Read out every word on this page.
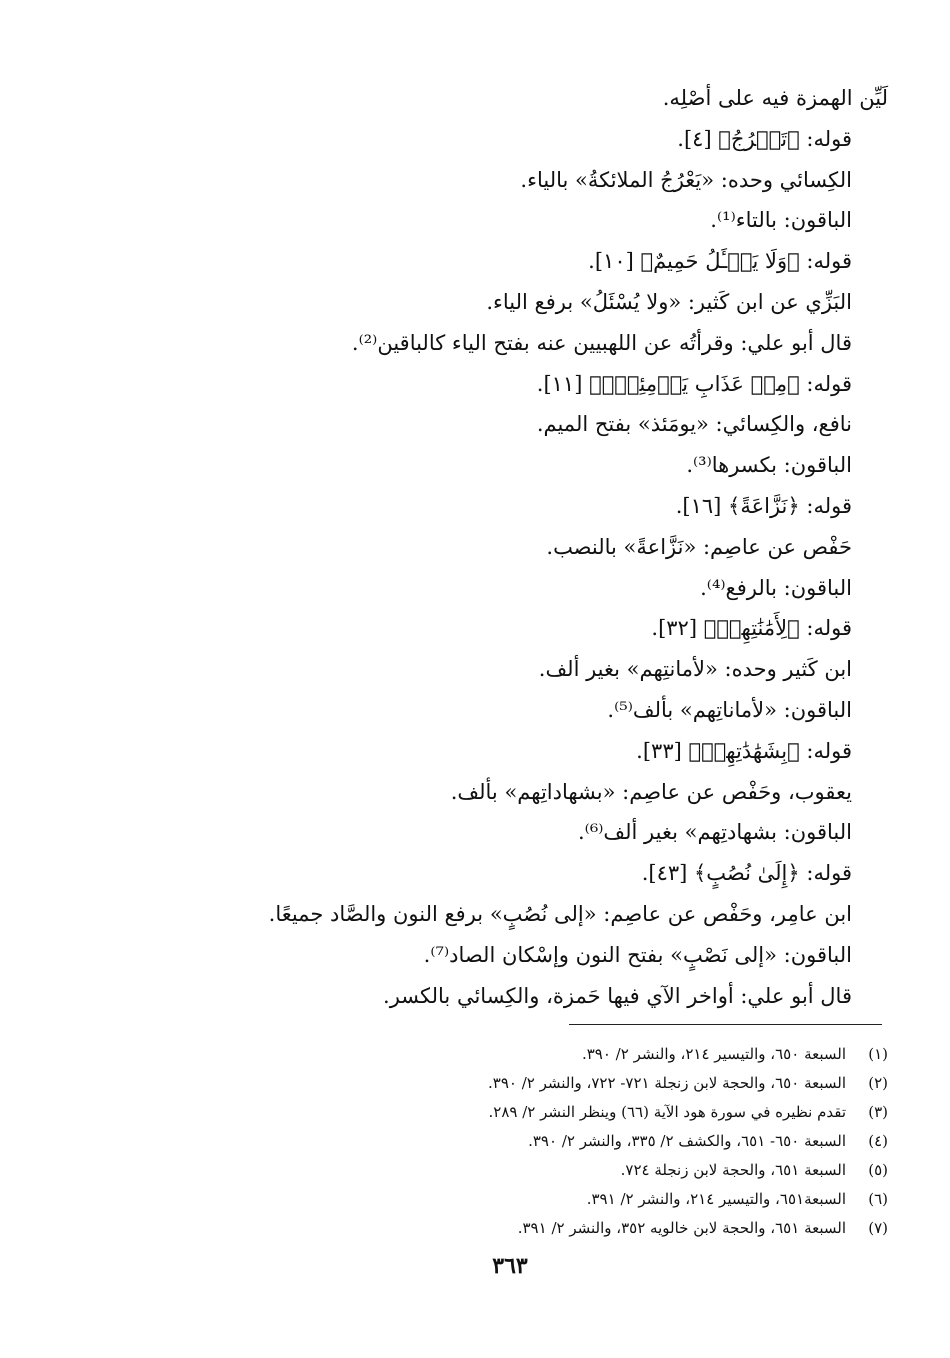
لَيِّن الهمزة فيه على أصْلِه.
قوله: ﴿تَعۡرُجُ﴾ [٤].
الكِسائي وحده: «يَعْرُجُ الملائكةُ» بالياء.
الباقون: بالتاء⁽¹⁾.
قوله: ﴿وَلَا يَسۡـَٔلُ حَمِيمٌ﴾ [١٠].
البَزِّي عن ابن كَثير: «ولا يُسْئَلُ» برفع الياء.
قال أبو علي: وقرأتُه عن اللهبيين عنه بفتح الياء كالباقين⁽²⁾.
قوله: ﴿مِنۡ عَذَابِ يَوۡمِئِذِۭ﴾ [١١].
نافع، والكِسائي: «يومَئذ» بفتح الميم.
الباقون: بكسرها⁽³⁾.
قوله: ﴿نَزَّاعَةً﴾ [١٦].
حَفْص عن عاصِم: «نَزَّاعةً» بالنصب.
الباقون: بالرفع⁽⁴⁾.
قوله: ﴿لِأَمَٰنَٰتِهِمۡ﴾ [٣٢].
ابن كَثير وحده: «لأمانتِهم» بغير ألف.
الباقون: «لأماناتِهم» بألف⁽⁵⁾.
قوله: ﴿بِشَهَٰدَٰتِهِمۡ﴾ [٣٣].
يعقوب، وحَفْص عن عاصِم: «بشهاداتِهم» بألف.
الباقون: بشهادتِهم» بغير ألف⁽⁶⁾.
قوله: ﴿إِلَىٰ نُصُبٍ﴾ [٤٣].
ابن عامِر، وحَفْص عن عاصِم: «إلى نُصُبٍ» برفع النون والصَّاد جميعًا.
الباقون: «إلى نَصْبٍ» بفتح النون وإسْكان الصاد⁽⁷⁾.
قال أبو علي: أواخر الآي فيها حَمزة، والكِسائي بالكسر.
(١)
السبعة ٦٥٠، والتيسير ٢١٤، والنشر ٢/ ٣٩٠.
(٢)
السبعة ٦٥٠، والحجة لابن زنجلة ٧٢١- ٧٢٢، والنشر ٢/ ٣٩٠.
(٣)
تقدم نظيره في سورة هود الآية (٦٦) وينظر النشر ٢/ ٢٨٩.
(٤)
السبعة ٦٥٠- ٦٥١، والكشف ٢/ ٣٣٥، والنشر ٢/ ٣٩٠.
(٥)
السبعة ٦٥١، والحجة لابن زنجلة ٧٢٤.
(٦)
السبعة٦٥١، والتيسير ٢١٤، والنشر ٢/ ٣٩١.
(٧)
السبعة ٦٥١، والحجة لابن خالويه ٣٥٢، والنشر ٢/ ٣٩١.
٣٦٣
